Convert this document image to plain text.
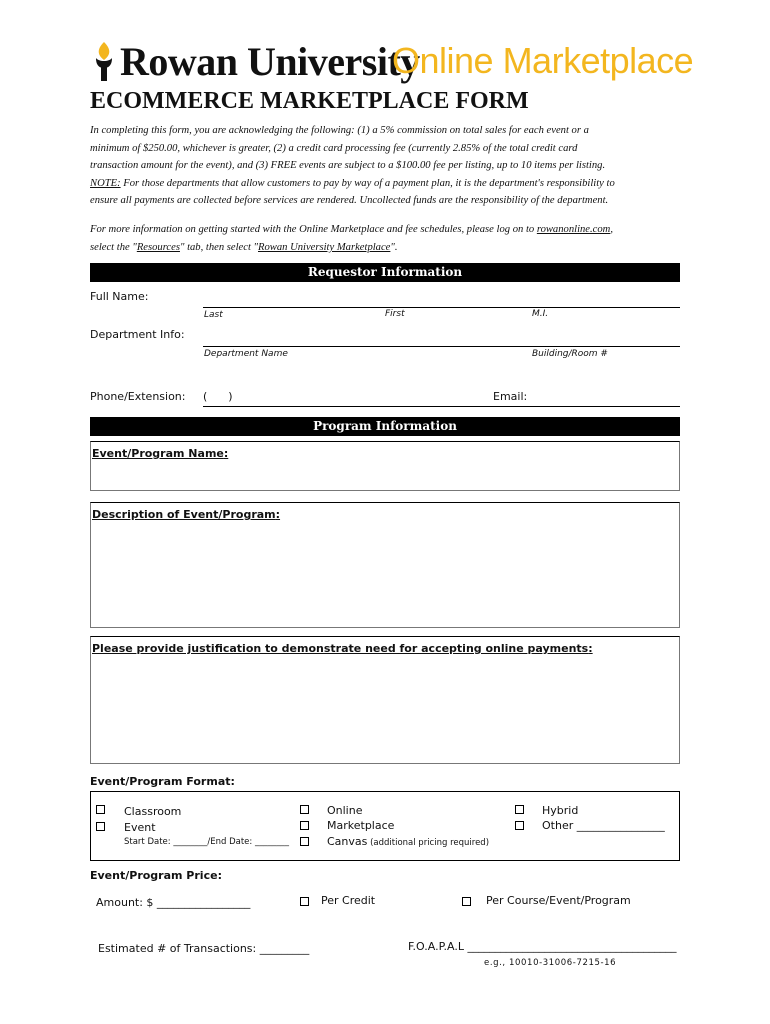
Rowan University
Online Marketplace
ECOMMERCE MARKETPLACE FORM
In completing this form, you are acknowledging the following: (1) a 5% commission on total sales for each event or a
minimum of $250.00, whichever is greater, (2) a credit card processing fee (currently 2.85% of the total credit card
transaction amount for the event), and (3) FREE events are subject to a $100.00 fee per listing, up to 10 items per listing.
NOTE: For those departments that allow customers to pay by way of a payment plan, it is the department's responsibility to
ensure all payments are collected before services are rendered. Uncollected funds are the responsibility of the department.
For more information on getting started with the Online Marketplace and fee schedules, please log on to rowanonline.com,
select the "Resources" tab, then select "Rowan University Marketplace".
Requestor Information
Full Name:
Last	First	M.I.
Department Info:
Department Name	Building/Room #
Phone/Extension: (      )	Email:
Program Information
Event/Program Name:
Description of Event/Program:
Please provide justification to demonstrate need for accepting online payments:
Event/Program Format:
Classroom
Event
Start Date: ________/End Date: ________
Online
Marketplace
Canvas (additional pricing required)
Hybrid
Other ________________
Event/Program Price:
Amount: $ _________________	Per Credit	Per Course/Event/Program
Estimated # of Transactions: _________	F.O.A.P.A.L ______________________________________
e.g., 10010-31006-7215-16
